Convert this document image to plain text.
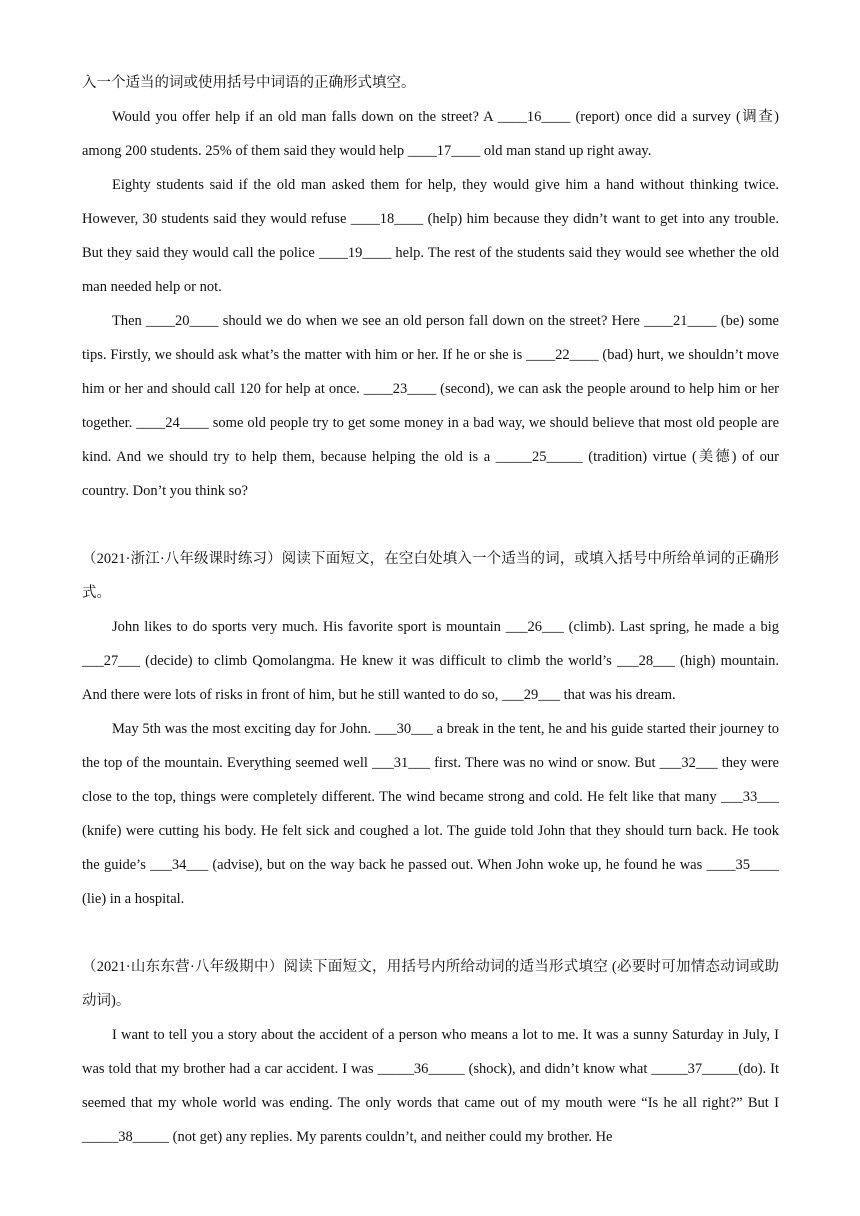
入一个适当的词或使用括号中词语的正确形式填空。

Would you offer help if an old man falls down on the street? A ____16____ (report) once did a survey (调查) among 200 students. 25% of them said they would help ____17____ old man stand up right away.

Eighty students said if the old man asked them for help, they would give him a hand without thinking twice. However, 30 students said they would refuse ____18____ (help) him because they didn’t want to get into any trouble. But they said they would call the police ____19____ help. The rest of the students said they would see whether the old man needed help or not.

Then ____20____ should we do when we see an old person fall down on the street? Here ____21____ (be) some tips. Firstly, we should ask what’s the matter with him or her. If he or she is ____22____ (bad) hurt, we shouldn’t move him or her and should call 120 for help at once. ____23____ (second), we can ask the people around to help him or her together. ____24____ some old people try to get some money in a bad way, we should believe that most old people are kind. And we should try to help them, because helping the old is a _____25_____ (tradition) virtue (美德) of our country. Don’t you think so?

（2021·浙江·八年级课时练习）阅读下面短文，在空白处填入一个适当的词，或填入括号中所给单词的正确形式。

John likes to do sports very much. His favorite sport is mountain ___26___ (climb). Last spring, he made a big ___27___ (decide) to climb Qomolangma. He knew it was difficult to climb the world’s ___28___ (high) mountain. And there were lots of risks in front of him, but he still wanted to do so, ___29___ that was his dream.

May 5th was the most exciting day for John. ___30___ a break in the tent, he and his guide started their journey to the top of the mountain. Everything seemed well ___31___ first. There was no wind or snow. But ___32___ they were close to the top, things were completely different. The wind became strong and cold. He felt like that many ___33___ (knife) were cutting his body. He felt sick and coughed a lot. The guide told John that they should turn back. He took the guide’s ___34___ (advise), but on the way back he passed out. When John woke up, he found he was ____35____ (lie) in a hospital.

（2021·山东东营·八年级期中）阅读下面短文，用括号内所给动词的适当形式填空 (必要时可加情态动词或助动词)。

I want to tell you a story about the accident of a person who means a lot to me. It was a sunny Saturday in July, I was told that my brother had a car accident. I was _____36_____ (shock), and didn’t know what _____37_____(do). It seemed that my whole world was ending. The only words that came out of my mouth were “Is he all right?” But I _____38_____ (not get) any replies. My parents couldn’t, and neither could my brother. He
